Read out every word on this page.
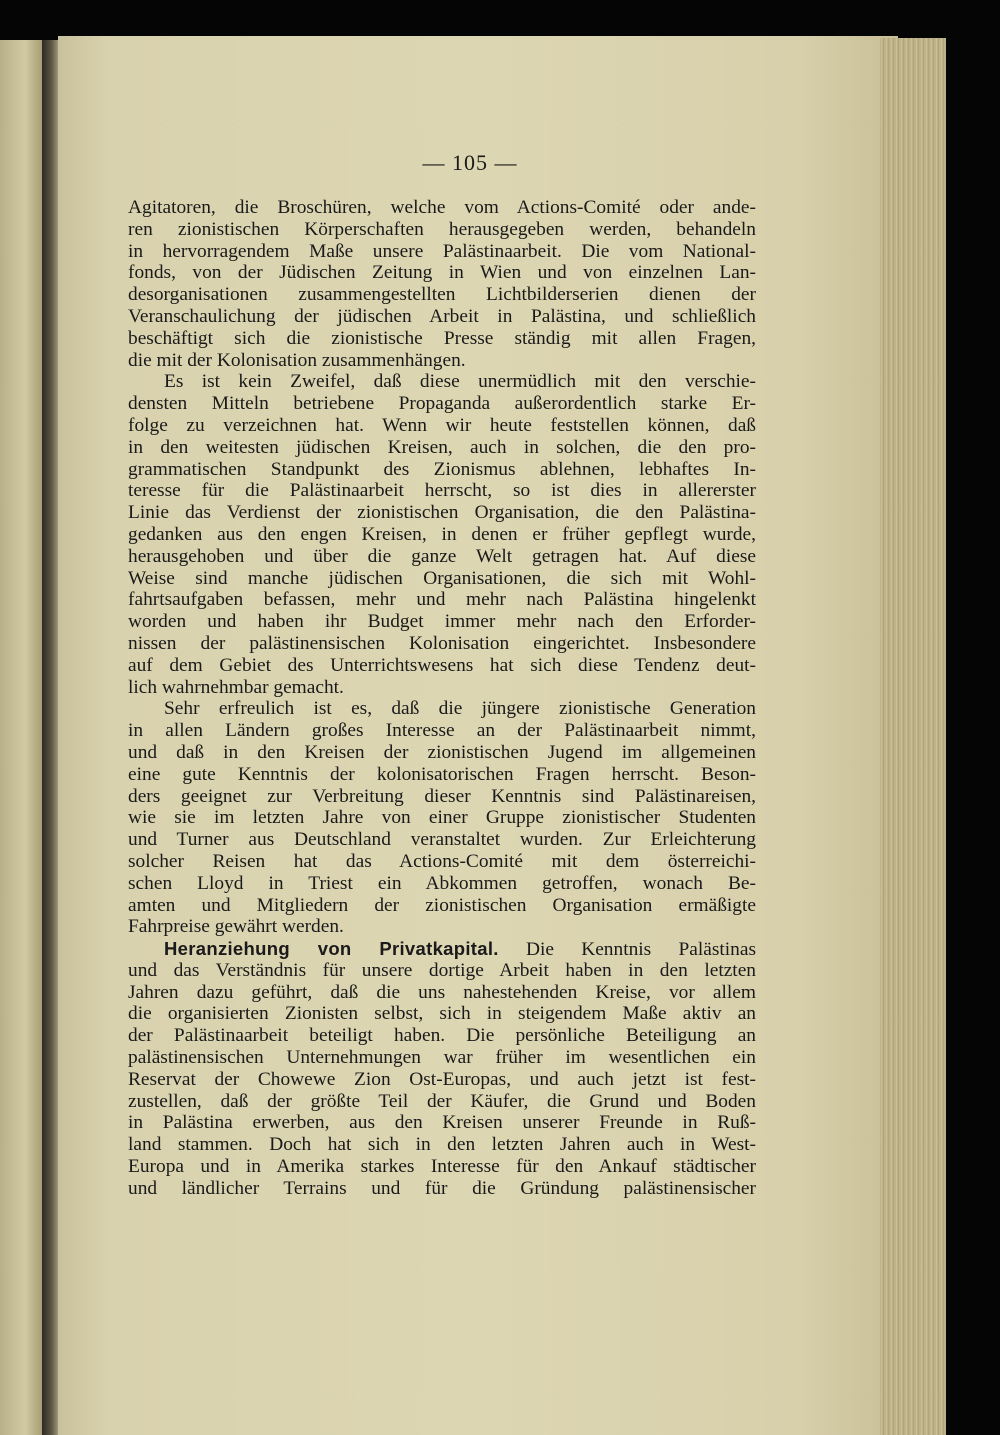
— 105 —
Agitatoren, die Broschüren, welche vom Actions-Comité oder ande-
ren zionistischen Körperschaften herausgegeben werden, behandeln
in hervorragendem Maße unsere Palästinaarbeit. Die vom National-
fonds, von der Jüdischen Zeitung in Wien und von einzelnen Lan-
desorganisationen zusammengestellten Lichtbilderserien dienen der
Veranschaulichung der jüdischen Arbeit in Palästina, und schließlich
beschäftigt sich die zionistische Presse ständig mit allen Fragen,
die mit der Kolonisation zusammenhängen.
Es ist kein Zweifel, daß diese unermüdlich mit den verschie-
densten Mitteln betriebene Propaganda außerordentlich starke Er-
folge zu verzeichnen hat. Wenn wir heute feststellen können, daß
in den weitesten jüdischen Kreisen, auch in solchen, die den pro-
grammatischen Standpunkt des Zionismus ablehnen, lebhaftes In-
teresse für die Palästinaarbeit herrscht, so ist dies in allererster
Linie das Verdienst der zionistischen Organisation, die den Palästina-
gedanken aus den engen Kreisen, in denen er früher gepflegt wurde,
herausgehoben und über die ganze Welt getragen hat. Auf diese
Weise sind manche jüdischen Organisationen, die sich mit Wohl-
fahrtsaufgaben befassen, mehr und mehr nach Palästina hingelenkt
worden und haben ihr Budget immer mehr nach den Erforder-
nissen der palästinensischen Kolonisation eingerichtet. Insbesondere
auf dem Gebiet des Unterrichtswesens hat sich diese Tendenz deut-
lich wahrnehmbar gemacht.
Sehr erfreulich ist es, daß die jüngere zionistische Generation
in allen Ländern großes Interesse an der Palästinaarbeit nimmt,
und daß in den Kreisen der zionistischen Jugend im allgemeinen
eine gute Kenntnis der kolonisatorischen Fragen herrscht. Beson-
ders geeignet zur Verbreitung dieser Kenntnis sind Palästinareisen,
wie sie im letzten Jahre von einer Gruppe zionistischer Studenten
und Turner aus Deutschland veranstaltet wurden. Zur Erleichterung
solcher Reisen hat das Actions-Comité mit dem österreichi-
schen Lloyd in Triest ein Abkommen getroffen, wonach Be-
amten und Mitgliedern der zionistischen Organisation ermäßigte
Fahrpreise gewährt werden.
Heranziehung von Privatkapital. Die Kenntnis Palästinas
und das Verständnis für unsere dortige Arbeit haben in den letzten
Jahren dazu geführt, daß die uns nahestehenden Kreise, vor allem
die organisierten Zionisten selbst, sich in steigendem Maße aktiv an
der Palästinaarbeit beteiligt haben. Die persönliche Beteiligung an
palästinensischen Unternehmungen war früher im wesentlichen ein
Reservat der Chowewe Zion Ost-Europas, und auch jetzt ist fest-
zustellen, daß der größte Teil der Käufer, die Grund und Boden
in Palästina erwerben, aus den Kreisen unserer Freunde in Ruß-
land stammen. Doch hat sich in den letzten Jahren auch in West-
Europa und in Amerika starkes Interesse für den Ankauf städtischer
und ländlicher Terrains und für die Gründung palästinensischer
